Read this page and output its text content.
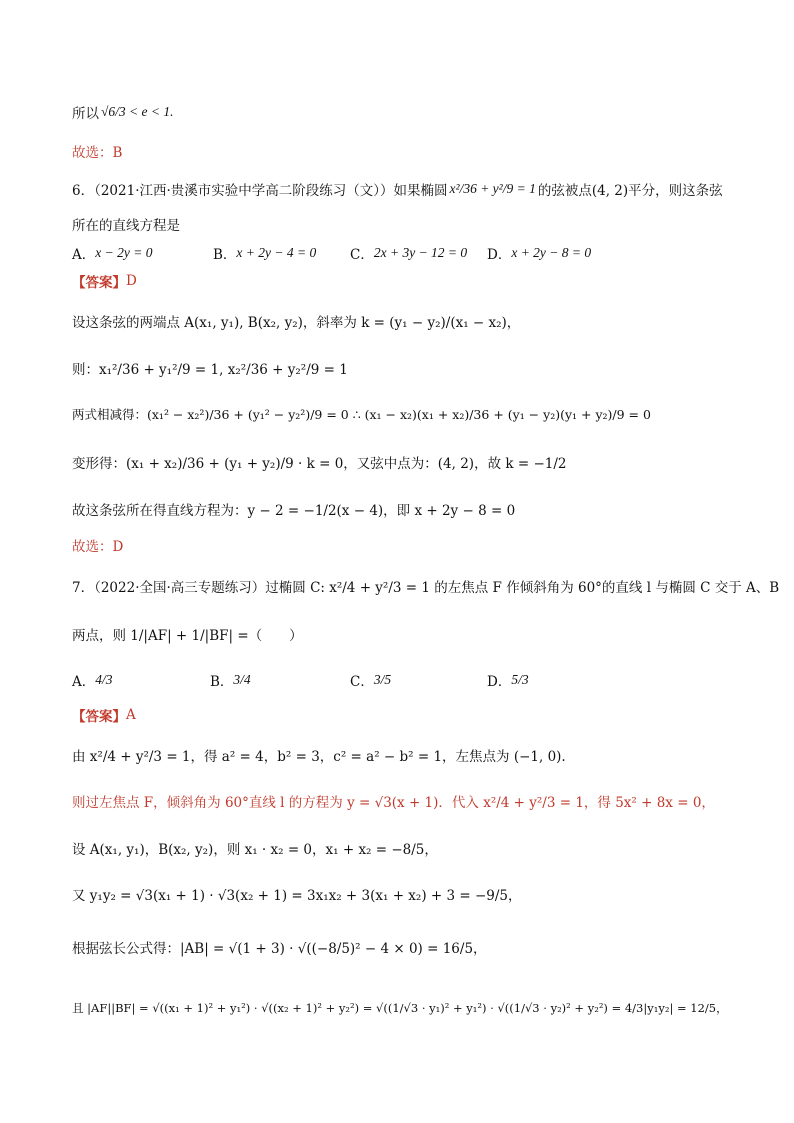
所以 √6/3 < e < 1.
故选：B
6．（2021·江西·贵溪市实验中学高二阶段练习（文））如果椭圆 x²/36 + y²/9 = 1 的弦被点(4, 2)平分，则这条弦
所在的直线方程是
A． x − 2y = 0	B． x + 2y − 4 = 0	C． 2x + 3y − 12 = 0 D． x + 2y − 8 = 0
【答案】 D
设这条弦的两端点 A(x₁, y₁), B(x₂, y₂)，斜率为 k = (y₁ − y₂)/(x₁ − x₂)，
则：x₁²/36 + y₁²/9 = 1, x₂²/36 + y₂²/9 = 1
两式相减得：(x₁² − x₂²)/36 + (y₁² − y₂²)/9 = 0 ∴ (x₁ − x₂)(x₁ + x₂)/36 + (y₁ − y₂)(y₁ + y₂)/9 = 0
变形得：(x₁ + x₂)/36 + (y₁ + y₂)/9 · k = 0，又弦中点为：(4, 2)，故 k = −1/2
故这条弦所在得直线方程为：y − 2 = −1/2(x − 4)，即 x + 2y − 8 = 0
故选：D
7．（2022·全国·高三专题练习）过椭圆 C: x²/4 + y²/3 = 1 的左焦点 F 作倾斜角为 60°的直线 l 与椭圆 C 交于 A、B
两点，则 1/|AF| + 1/|BF| =（　　）
A． 4/3	B． 3/4	C． 3/5	D． 5/3
【答案】 A
由 x²/4 + y²/3 = 1，得 a² = 4，b² = 3，c² = a² − b² = 1，左焦点为 (−1, 0).
则过左焦点 F，倾斜角为 60°直线 l 的方程为 y = √3(x + 1)．代入 x²/4 + y²/3 = 1，得 5x² + 8x = 0，
设 A(x₁, y₁)，B(x₂, y₂)，则 x₁ · x₂ = 0，x₁ + x₂ = −8/5，
又 y₁y₂ = √3(x₁ + 1) · √3(x₂ + 1) = 3x₁x₂ + 3(x₁ + x₂) + 3 = −9/5，
根据弦长公式得：|AB| = √(1 + 3) · √((−8/5)² − 4 × 0) = 16/5，
且 |AF||BF| = √((x₁ + 1)² + y₁²) · √((x₂ + 1)² + y₂²) = √((1/√3 · y₁)² + y₁²) · √((1/√3 · y₂)² + y₂²) = 4/3|y₁y₂| = 12/5，
